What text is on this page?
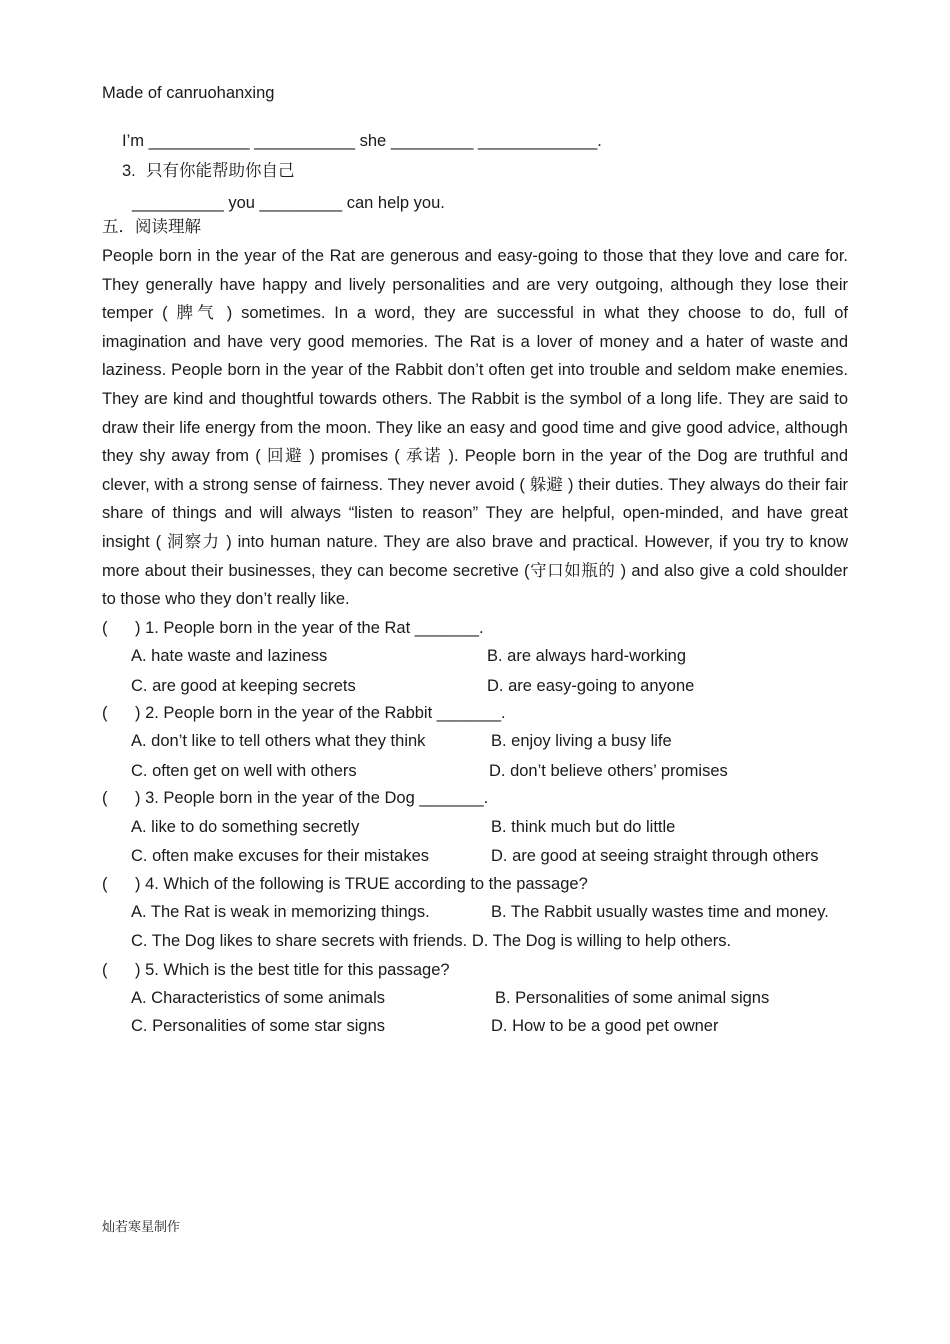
Made of canruohanxing
I’m ___________ ___________ she _________ _____________.
3. 只有你能帮助你自己
__________ you _________ can help you.
五．阅读理解
People born in the year of the Rat are generous and easy-going to those that they love and care for. They generally have happy and lively personalities and are very outgoing, although they lose their temper ( 脾气 ) sometimes. In a word, they are successful in what they choose to do, full of imagination and have very good memories. The Rat is a lover of money and a hater of waste and laziness. People born in the year of the Rabbit don’t often get into trouble and seldom make enemies. They are kind and thoughtful towards others. The Rabbit is the symbol of a long life. They are said to draw their life energy from the moon. They like an easy and good time and give good advice, although they shy away from ( 回避 ) promises ( 承诺 ). People born in the year of the Dog are truthful and clever, with a strong sense of fairness. They never avoid ( 躲避 ) their duties. They always do their fair share of things and will always “listen to reason” They are helpful, open-minded, and have great insight ( 洞察力 ) into human nature. They are also brave and practical. However, if you try to know more about their businesses, they can become secretive (守口如瓶的 ) and also give a cold shoulder to those who they don’t really like.
(      ) 1. People born in the year of the Rat _______.
A. hate waste and laziness	B. are always hard-working
C. are good at keeping secrets	D. are easy-going to anyone
(      ) 2. People born in the year of the Rabbit _______.
A. don’t like to tell others what they think	B. enjoy living a busy life
C. often get on well with others	D. don’t believe others’ promises
(      ) 3. People born in the year of the Dog _______.
A. like to do something secretly	B. think much but do little
C. often make excuses for their mistakes	D. are good at seeing straight through others
(      ) 4. Which of the following is TRUE according to the passage?
A. The Rat is weak in memorizing things.	B. The Rabbit usually wastes time and money.
C. The Dog likes to share secrets with friends. D. The Dog is willing to help others.
(      ) 5. Which is the best title for this passage?
A. Characteristics of some animals	B. Personalities of some animal signs
C. Personalities of some star signs	D. How to be a good pet owner
灿若寒星制作
